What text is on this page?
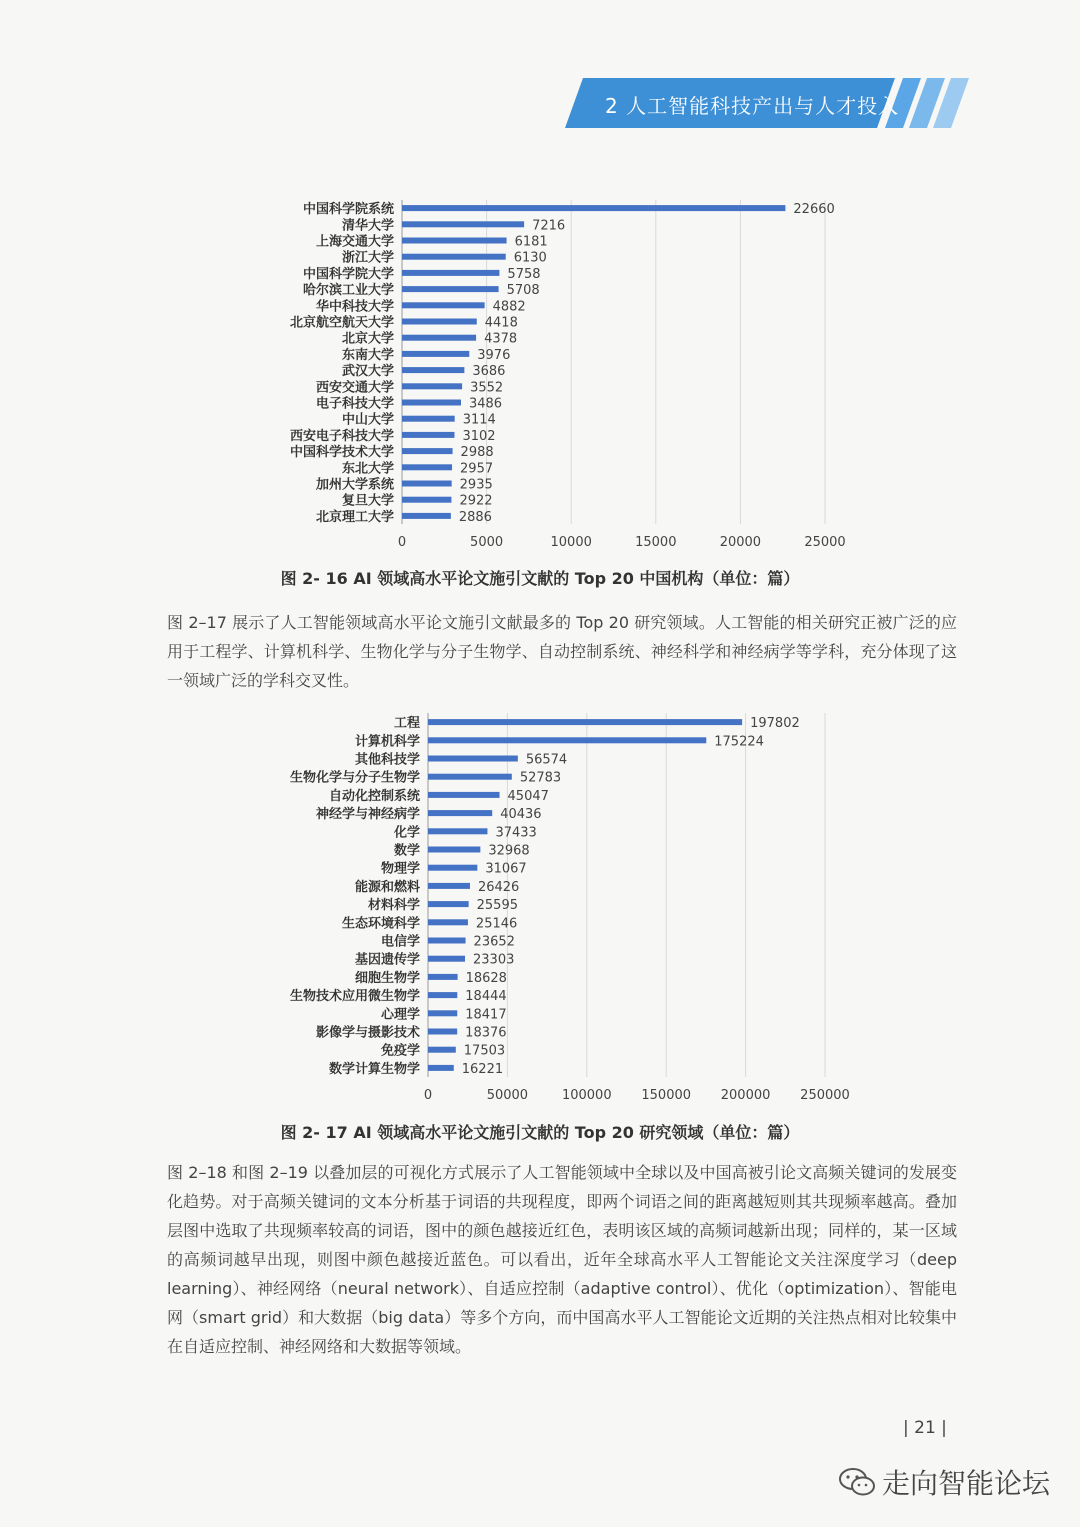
2 人工智能科技产出与人才投入
0	5000	10000	15000	20000	25000
中国科学院系统	22660
清华大学	7216
上海交通大学	6181
浙江大学	6130
中国科学院大学	5758
哈尔滨工业大学	5708
华中科技大学	4882
北京航空航天大学	4418
北京大学	4378
东南大学	3976
武汉大学	3686
西安交通大学	3552
电子科技大学	3486
中山大学	3114
西安电子科技大学	3102
中国科学技术大学	2988
东北大学	2957
加州大学系统	2935
复旦大学	2922
北京理工大学	2886
图 2- 16 AI 领域高水平论文施引文献的 Top 20 中国机构（单位：篇）
图 2–17 展示了人工智能领域高水平论文施引文献最多的 Top 20 研究领域。人工智能的相关研究正被广泛的应用于工程学、计算机科学、生物化学与分子生物学、自动控制系统、神经科学和神经病学等学科，充分体现了这一领域广泛的学科交叉性。
0	50000	100000 150000 200000 250000
工程	197802
计算机科学	175224
其他科技学	56574
生物化学与分子生物学	52783
自动化控制系统	45047
神经学与神经病学	40436
化学	37433
数学	32968
物理学	31067
能源和燃料	26426
材料科学	25595
生态环境科学	25146
电信学	23652
基因遗传学	23303
细胞生物学	18628
生物技术应用微生物学	18444
心理学	18417
影像学与摄影技术	18376
免疫学	17503
数学计算生物学	16221
图 2- 17 AI 领域高水平论文施引文献的 Top 20 研究领域（单位：篇）
图 2–18 和图 2–19 以叠加层的可视化方式展示了人工智能领域中全球以及中国高被引论文高频关键词的发展变化趋势。对于高频关键词的文本分析基于词语的共现程度，即两个词语之间的距离越短则其共现频率越高。叠加层图中选取了共现频率较高的词语，图中的颜色越接近红色，表明该区域的高频词越新出现；同样的，某一区域的高频词越早出现，则图中颜色越接近蓝色。可以看出，近年全球高水平人工智能论文关注深度学习（deep learning）、神经网络（neural network）、自适应控制（adaptive control）、优化（optimization）、智能电网（smart grid）和大数据（big data）等多个方向，而中国高水平人工智能论文近期的关注热点相对比较集中在自适应控制、神经网络和大数据等领域。
| 21 |
走向智能论坛
